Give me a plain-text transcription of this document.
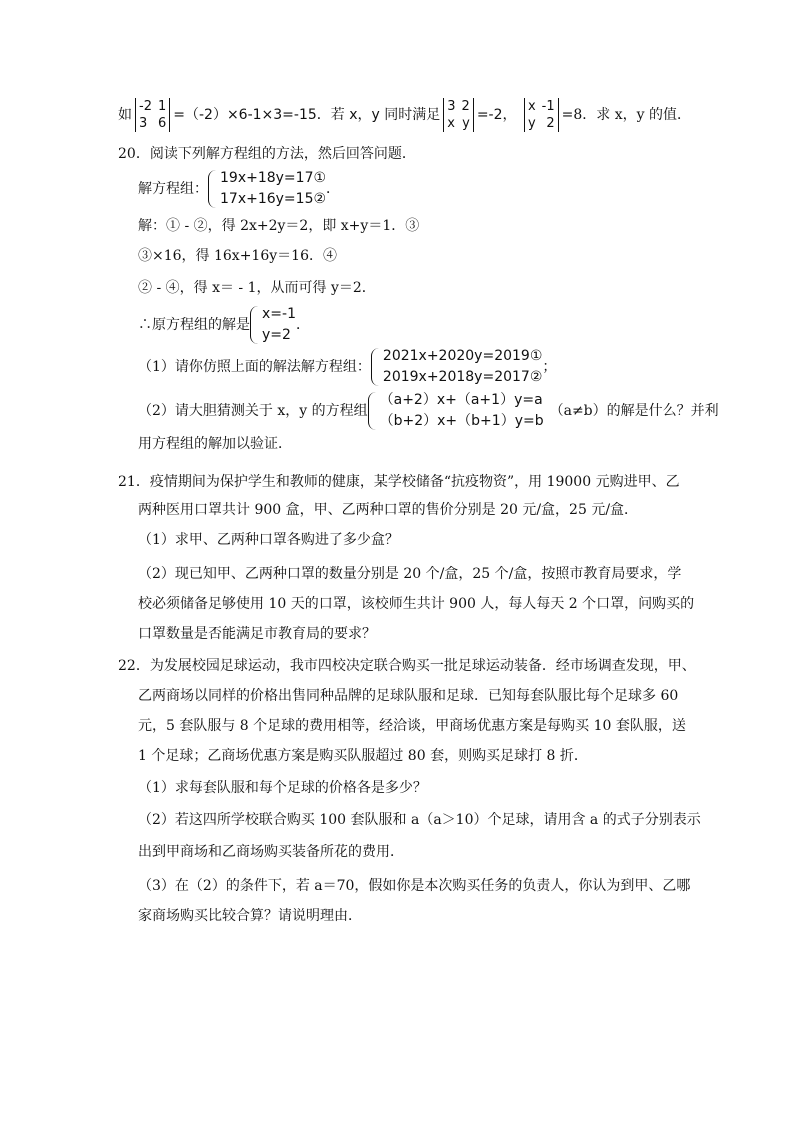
如
-2 1
3 6
=（-2）×6-1×3=-15．若 x，y 同时满足
3 2
x y
=-2，
x -1
y 2
=8．求 x，y 的值．
20．阅读下列解方程组的方法，然后回答问题．
解方程组：
19x+18y=17①
17x+16y=15②
．
解：① - ②，得 2x+2y＝2，即 x+y＝1．③
③×16，得 16x+16y＝16．④
② - ④，得 x＝ - 1，从而可得 y＝2．
∴原方程组的解是
x=-1
y=2
．
（1）请你仿照上面的解法解方程组：
2021x+2020y=2019①
2019x+2018y=2017②
；
（2）请大胆猜测关于 x，y 的方程组
（a+2）x+（a+1）y=a
（b+2）x+（b+1）y=b
（a≠b）的解是什么？并利
用方程组的解加以验证．
21．疫情期间为保护学生和教师的健康，某学校储备“抗疫物资”，用 19000 元购进甲、乙
两种医用口罩共计 900 盒，甲、乙两种口罩的售价分别是 20 元/盒，25 元/盒．
（1）求甲、乙两种口罩各购进了多少盒？
（2）现已知甲、乙两种口罩的数量分别是 20 个/盒，25 个/盒，按照市教育局要求，学
校必须储备足够使用 10 天的口罩，该校师生共计 900 人，每人每天 2 个口罩，问购买的
口罩数量是否能满足市教育局的要求？
22．为发展校园足球运动，我市四校决定联合购买一批足球运动装备．经市场调查发现，甲、
乙两商场以同样的价格出售同种品牌的足球队服和足球．已知每套队服比每个足球多 60
元，5 套队服与 8 个足球的费用相等，经洽谈，甲商场优惠方案是每购买 10 套队服，送
1 个足球；乙商场优惠方案是购买队服超过 80 套，则购买足球打 8 折．
（1）求每套队服和每个足球的价格各是多少？
（2）若这四所学校联合购买 100 套队服和 a（a＞10）个足球，请用含 a 的式子分别表示
出到甲商场和乙商场购买装备所花的费用．
（3）在（2）的条件下，若 a＝70，假如你是本次购买任务的负责人，你认为到甲、乙哪
家商场购买比较合算？请说明理由．
